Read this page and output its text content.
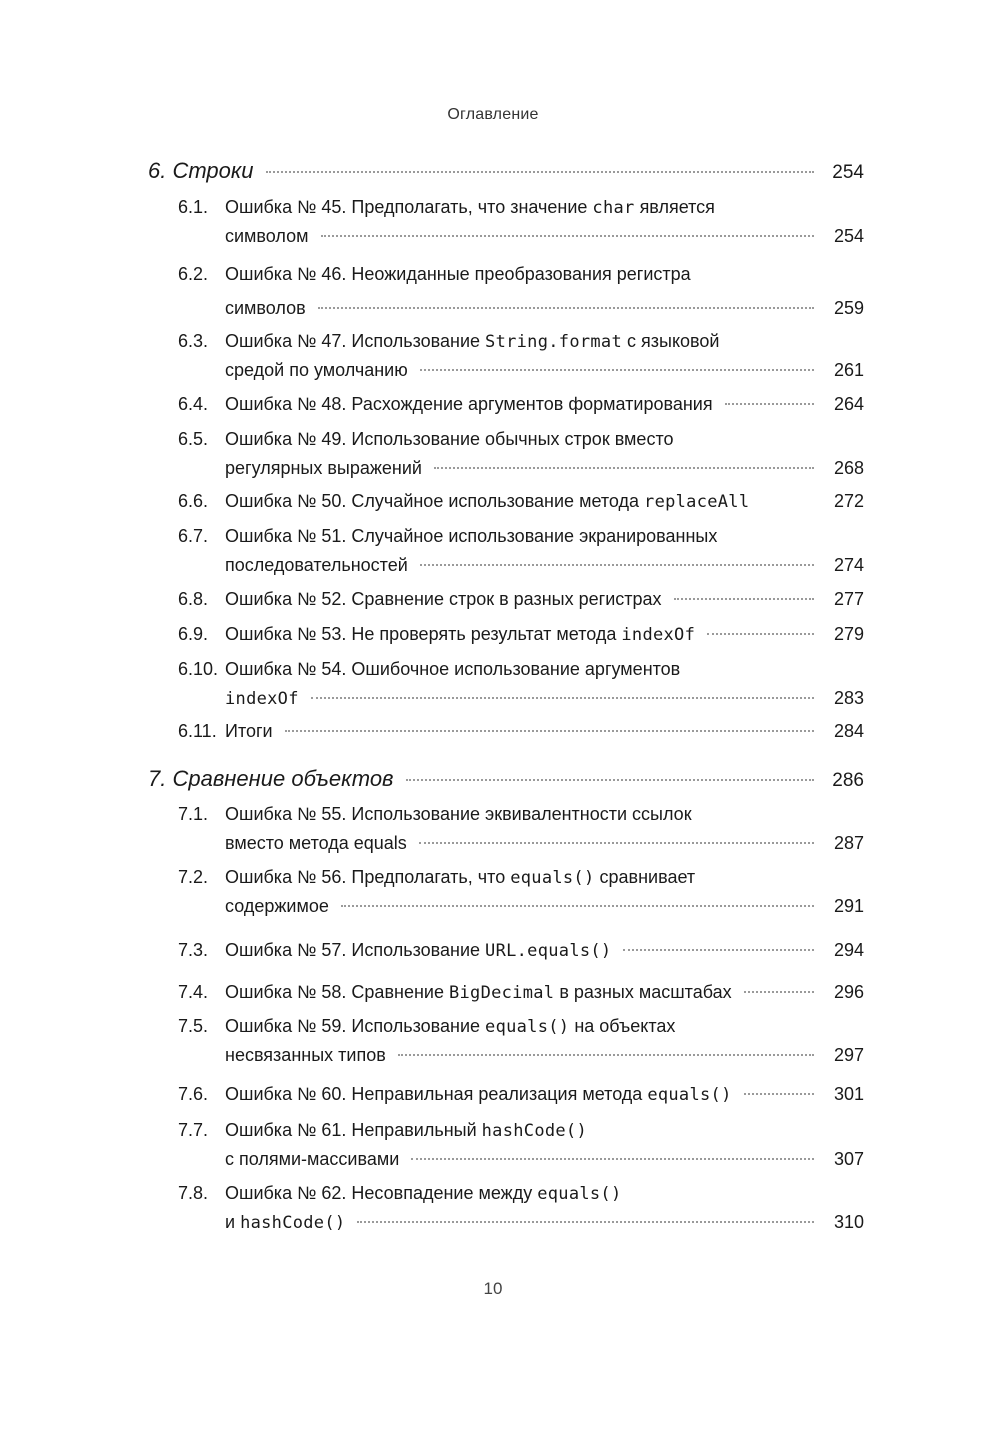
Оглавление
6. Строки	254
6.1. Ошибка № 45. Предполагать, что значение char является
символом	254
6.2. Ошибка № 46. Неожиданные преобразования регистра
символов	259
6.3. Ошибка № 47. Использование String.format с языковой
средой по умолчанию	261
6.4. Ошибка № 48. Расхождение аргументов форматирования	264
6.5. Ошибка № 49. Использование обычных строк вместо
регулярных выражений	268
6.6. Ошибка № 50. Случайное использование метода replaceAll	272
6.7. Ошибка № 51. Случайное использование экранированных
последовательностей	274
6.8. Ошибка № 52. Сравнение строк в разных регистрах	277
6.9. Ошибка № 53. Не проверять результат метода indexOf	279
6.10. Ошибка № 54. Ошибочное использование аргументов
indexOf	283
6.11. Итоги	284
7. Сравнение объектов	286
7.1. Ошибка № 55. Использование эквивалентности ссылок
вместо метода equals	287
7.2. Ошибка № 56. Предполагать, что equals() сравнивает
содержимое	291
7.3. Ошибка № 57. Использование URL.equals()	294
7.4. Ошибка № 58. Сравнение BigDecimal в разных масштабах	296
7.5. Ошибка № 59. Использование equals() на объектах
несвязанных типов	297
7.6. Ошибка № 60. Неправильная реализация метода equals()	301
7.7. Ошибка № 61. Неправильный hashCode()
с полями-массивами	307
7.8. Ошибка № 62. Несовпадение между equals()
и hashCode()	310
10
